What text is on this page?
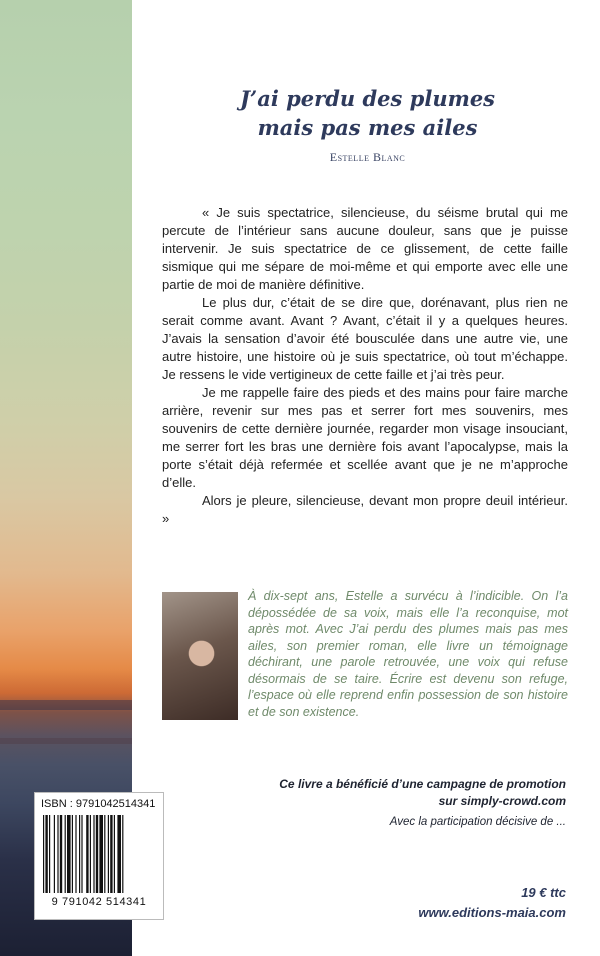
J’ai perdu des plumes
mais pas mes ailes
Estelle Blanc

« Je suis spectatrice, silencieuse, du séisme brutal qui me percute de l’intérieur sans aucune douleur, sans que je puisse intervenir. Je suis spectatrice de ce glissement, de cette faille sismique qui me sépare de moi-même et qui emporte avec elle une partie de moi de manière définitive.

Le plus dur, c’était de se dire que, dorénavant, plus rien ne serait comme avant. Avant ? Avant, c’était il y a quelques heures. J’avais la sensation d’avoir été bousculée dans une autre vie, une autre histoire, une histoire où je suis spectatrice, où tout m’échappe. Je ressens le vide vertigineux de cette faille et j’ai très peur.

Je me rappelle faire des pieds et des mains pour faire marche arrière, revenir sur mes pas et serrer fort mes souvenirs, mes souvenirs de cette dernière journée, regarder mon visage insouciant, me serrer fort les bras une dernière fois avant l’apocalypse, mais la porte s’était déjà refermée et scellée avant que je ne m’approche d’elle.

Alors je pleure, silencieuse, devant mon propre deuil intérieur. »

À dix-sept ans, Estelle a survécu à l’indicible. On l’a dépossédée de sa voix, mais elle l’a reconquise, mot après mot. Avec J’ai perdu des plumes mais pas mes ailes, son premier roman, elle livre un témoignage déchirant, une parole retrouvée, une voix qui refuse désormais de se taire. Écrire est devenu son refuge, l’espace où elle reprend enfin possession de son histoire et de son existence.
ISBN : 9791042514341
9 791042 514341
Ce livre a bénéficié d’une campagne de promotion
sur simply-crowd.com
Avec la participation décisive de ...
19 € ttc
www.editions-maia.com
